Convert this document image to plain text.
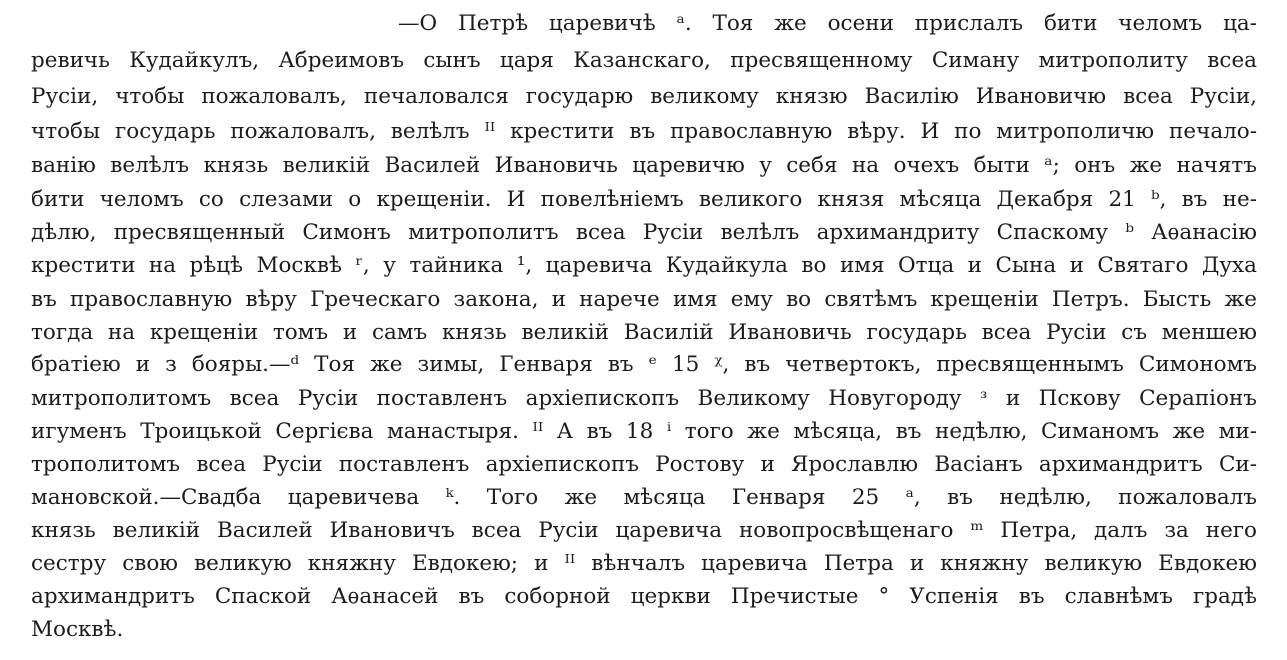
—О Петрѣ царевичѣ ᵃ. Тоя же осени прислалъ бити челомъ ца-

ревичь Кудайкулъ, Абреимовъ сынъ царя Казанскаго, пресвященному Симану митрополиту всеа

Русіи, чтобы пожаловалъ, печаловался государю великому князю Василію Ивановичю всеа Русіи,

чтобы государь пожаловалъ, велѣлъ ᴵᴵ крестити въ православную вѣру. И по митрополичю печало-

ванію велѣлъ князь великій Василей Ивановичь царевичю у себя на очехъ быти ᵃ; онъ же начятъ

бити челомъ со слезами о крещеніи. И повелѣніемъ великого князя мѣсяца Декабря 21 ᵇ, въ не-

дѣлю, пресвященный Симонъ митрополитъ всеа Русіи велѣлъ архимандриту Спаскому ᵇ Аѳанасію

крестити на рѣцѣ Москвѣ ʳ, у тайника ¹, царевича Кудайкула во имя Отца и Сына и Святаго Духа

въ православную вѣру Греческаго закона, и нарече имя ему во святѣмъ крещеніи Петръ. Бысть же

тогда на крещеніи томъ и самъ князь великій Василій Ивановичь государь всеа Русіи съ меншею

братіею и з бояры.—ᵈ Тоя же зимы, Генваря въ ᵉ 15 ᵡ, въ четвертокъ, пресвященнымъ Симономъ

митрополитомъ всеа Русіи поставленъ архіепископъ Великому Новугороду ᵌ и Пскову Серапіонъ

игуменъ Троицькой Сергієва манастыря. ᴵᴵ А въ 18 ⁱ того же мѣсяца, въ недѣлю, Симаномъ же ми-

трополитомъ всеа Русіи поставленъ архіепископъ Ростову и Ярославлю Васіанъ архимандритъ Си-

мановской.—Свадба царевичева ᵏ. Того же мѣсяца Генваря 25 ᵃ, въ недѣлю, пожаловалъ

князь великій Василей Ивановичъ всеа Русіи царевича новопросвѣщенаго ᵐ Петра, далъ за него

сестру свою великую княжну Евдокею; и ᴵᴵ вѣнчалъ царевича Петра и княжну великую Евдокею

архимандритъ Спаской Аѳанасей въ соборной церкви Пречистые ° Успенія въ славнѣмъ градѣ

Москвѣ.
